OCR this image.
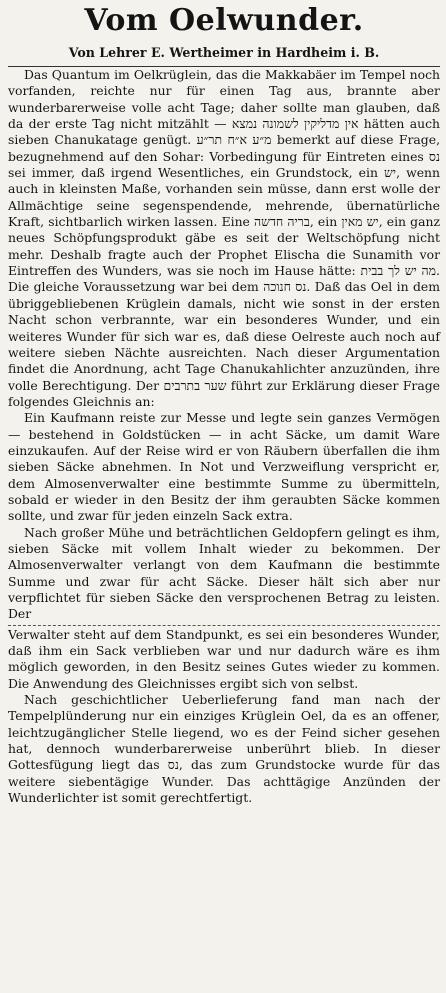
Vom Oelwunder.
Von Lehrer E. Wertheimer in Hardheim i. B.

Das Quantum im Oelkrüglein, das die Makkabäer im Tempel noch vorfanden, reichte nur für einen Tag aus, brannte aber wunderbarerweise volle acht Tage; daher sollte man glauben, daß da der erste Tag nicht mitzählt — אין מדליקין לשמונה נמצא hätten auch sieben Chanukatage genügt. מ״ע א״ח תר״ע bemerkt auf diese Frage, bezugnehmend auf den Sohar: Vorbedingung für Eintreten eines נס sei immer, daß irgend Wesentliches, ein Grundstock, ein יש, wenn auch in kleinsten Maße, vorhanden sein müsse, dann erst wolle der Allmächtige seine segenspendende, mehrende, übernatürliche Kraft, sichtbarlich wirken lassen. Eine בריה חדשה, ein יש מאין, ein ganz neues Schöpfungsprodukt gäbe es seit der Weltschöpfung nicht mehr. Deshalb fragte auch der Prophet Elischa die Sunamith vor Eintreffen des Wunders, was sie noch im Hause hätte: מה יש לך בבית. Die gleiche Voraussetzung war bei dem נס חנוכה. Daß das Oel in dem übriggebliebenen Krüglein damals, nicht wie sonst in der ersten Nacht schon verbrannte, war ein besonderes Wunder, und ein weiteres Wunder für sich war es, daß diese Oelreste auch noch auf weitere sieben Nächte ausreichten. Nach dieser Argumentation findet die Anordnung, acht Tage Chanukahlichter anzuzünden, ihre volle Berechtigung. Der שער בתרבים führt zur Erklärung dieser Frage folgendes Gleichnis an:

Ein Kaufmann reiste zur Messe und legte sein ganzes Vermögen — bestehend in Goldstücken — in acht Säcke, um damit Ware einzukaufen. Auf der Reise wird er von Räubern überfallen die ihm sieben Säcke abnehmen. In Not und Verzweiflung verspricht er, dem Almosenverwalter eine bestimmte Summe zu übermitteln, sobald er wieder in den Besitz der ihm geraubten Säcke kommen sollte, und zwar für jeden einzeln Sack extra.

Nach großer Mühe und beträchtlichen Geldopfern gelingt es ihm, sieben Säcke mit vollem Inhalt wieder zu bekommen. Der Almosenverwalter verlangt von dem Kaufmann die bestimmte Summe und zwar für acht Säcke. Dieser hält sich aber nur verpflichtet für sieben Säcke den versprochenen Betrag zu leisten. Der

Verwalter steht auf dem Standpunkt, es sei ein besonderes Wunder, daß ihm ein Sack verblieben war und nur dadurch wäre es ihm möglich geworden, in den Besitz seines Gutes wieder zu kommen. Die Anwendung des Gleichnisses ergibt sich von selbst.

Nach geschichtlicher Ueberlieferung fand man nach der Tempelplünderung nur ein einziges Krüglein Oel, da es an offener, leichtzugänglicher Stelle liegend, wo es der Feind sicher gesehen hat, dennoch wunderbarerweise unberührt blieb. In dieser Gottesfügung liegt das נס, das zum Grundstocke wurde für das weitere siebentägige Wunder. Das achttägige Anzünden der Wunderlichter ist somit gerechtfertigt.
